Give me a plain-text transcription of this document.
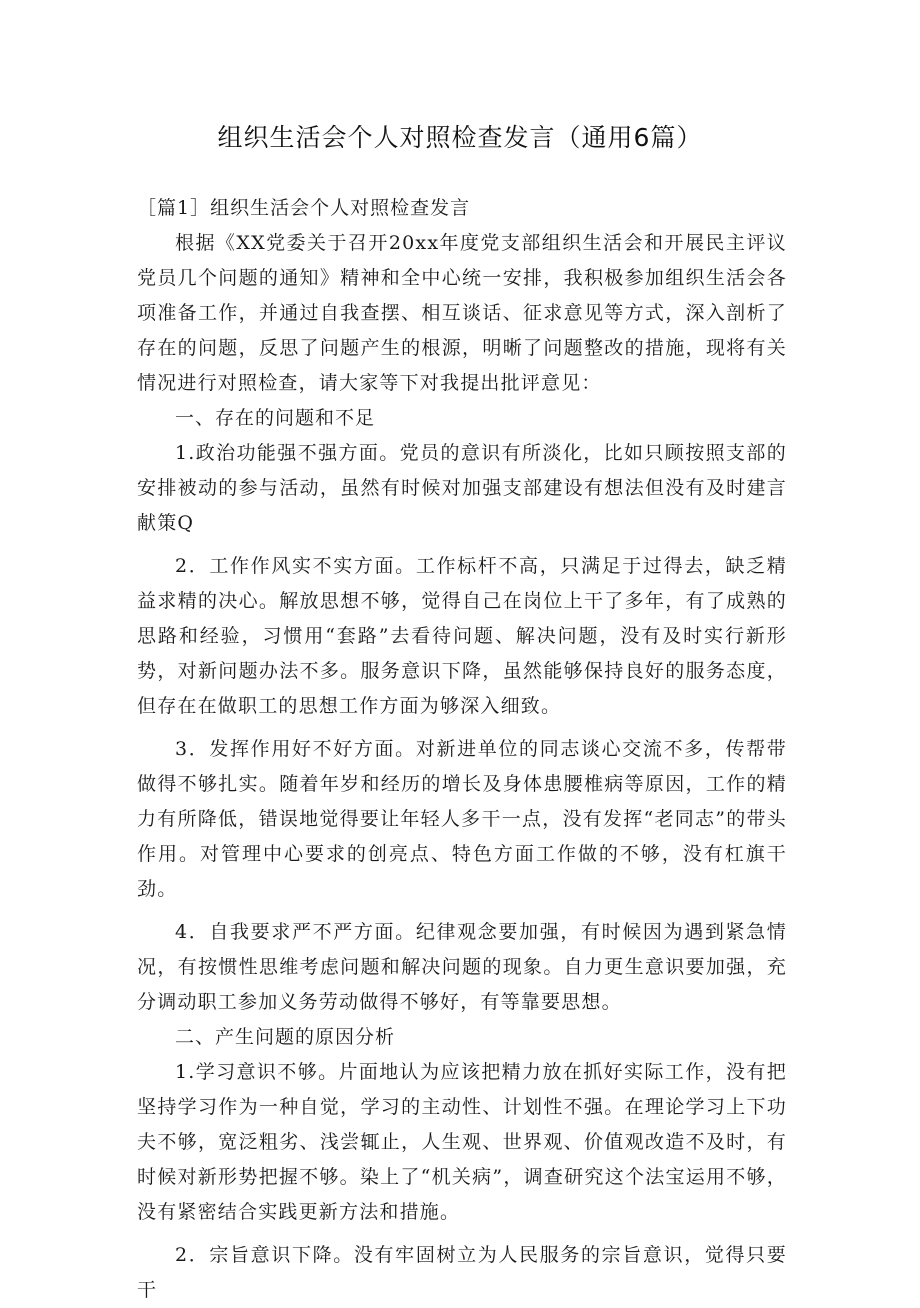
组织生活会个人对照检查发言（通用6篇）
［篇1］组织生活会个人对照检查发言

根据《XX党委关于召开20xx年度党支部组织生活会和开展民主评议党员几个问题的通知》精神和全中心统一安排，我积极参加组织生活会各项准备工作，并通过自我查摆、相互谈话、征求意见等方式，深入剖析了存在的问题，反思了问题产生的根源，明晰了问题整改的措施，现将有关情况进行对照检查，请大家等下对我提出批评意见：

一、存在的问题和不足

1.政治功能强不强方面。党员的意识有所淡化，比如只顾按照支部的安排被动的参与活动，虽然有时候对加强支部建设有想法但没有及时建言献策Q

2．工作作风实不实方面。工作标杆不高，只满足于过得去，缺乏精益求精的决心。解放思想不够，觉得自己在岗位上干了多年，有了成熟的思路和经验，习惯用“套路”去看待问题、解决问题，没有及时实行新形势，对新问题办法不多。服务意识下降，虽然能够保持良好的服务态度，但存在在做职工的思想工作方面为够深入细致。

3．发挥作用好不好方面。对新进单位的同志谈心交流不多，传帮带做得不够扎实。随着年岁和经历的增长及身体患腰椎病等原因，工作的精力有所降低，错误地觉得要让年轻人多干一点，没有发挥“老同志”的带头作用。对管理中心要求的创亮点、特色方面工作做的不够，没有杠旗干劲。

4．自我要求严不严方面。纪律观念要加强，有时候因为遇到紧急情况，有按惯性思维考虑问题和解决问题的现象。自力更生意识要加强，充分调动职工参加义务劳动做得不够好，有等靠要思想。

二、产生问题的原因分析

1.学习意识不够。片面地认为应该把精力放在抓好实际工作，没有把坚持学习作为一种自觉，学习的主动性、计划性不强。在理论学习上下功夫不够，宽泛粗劣、浅尝辄止，人生观、世界观、价值观改造不及时，有时候对新形势把握不够。染上了“机关病”，调查研究这个法宝运用不够，没有紧密结合实践更新方法和措施。

2．宗旨意识下降。没有牢固树立为人民服务的宗旨意识，觉得只要干
